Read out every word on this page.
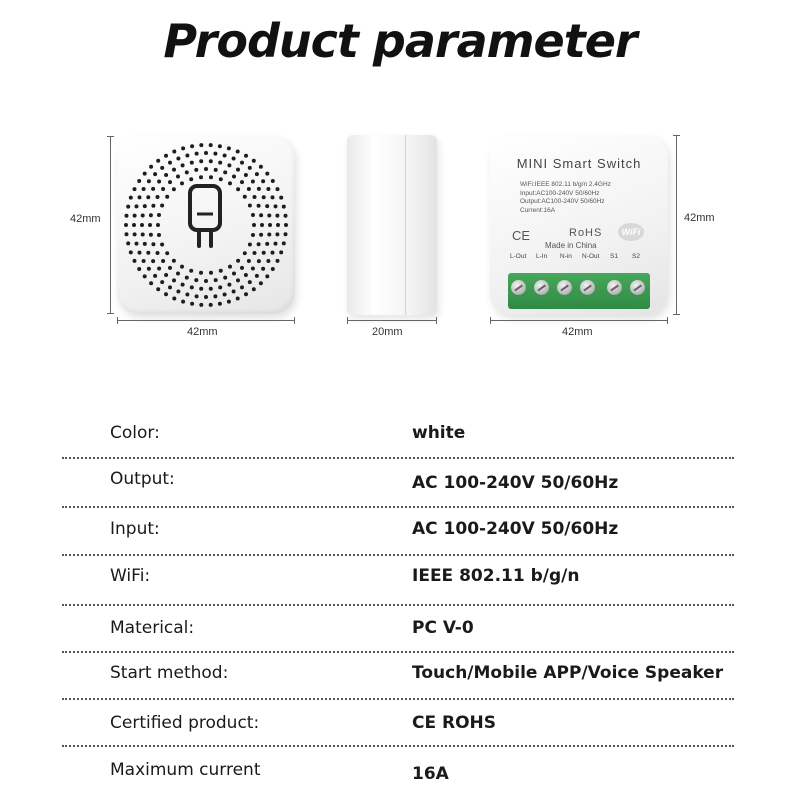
Product parameter
42mm
42mm	20mm
MINI Smart Switch
WiFi:IEEE 802.11 b/g/n 2.4GHz
Input:AC100-240V 50/60Hz
Output:AC100-240V 50/60Hz
Current:16A
CE	RoHS
Made in China
WiFi
L-Out L-In N-in N-Out S1 S2
42mm
42mm
Color:	white
Output:	AC 100-240V 50/60Hz
Input:	AC 100-240V 50/60Hz
WiFi:	IEEE 802.11 b/g/n
Materical:	PC V-0
Start method:	Touch/Mobile APP/Voice Speaker
Certified product:	CE ROHS
Maximum current	16A
